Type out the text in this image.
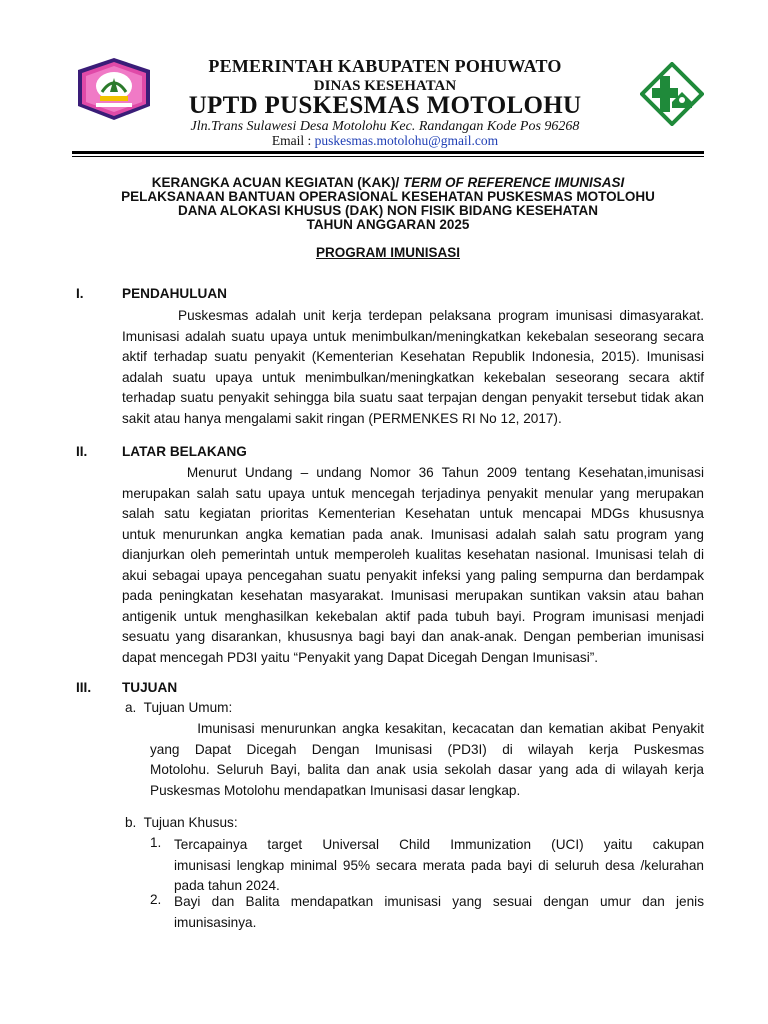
PEMERINTAH KABUPATEN POHUWATO
DINAS KESEHATAN
UPTD PUSKESMAS MOTOLOHU
Jln.Trans Sulawesi Desa Motolohu Kec. Randangan Kode Pos 96268
Email : puskesmas.motolohu@gmail.com
KERANGKA ACUAN KEGIATAN (KAK)/ TERM OF REFERENCE IMUNISASI
PELAKSANAAN BANTUAN OPERASIONAL KESEHATAN PUSKESMAS MOTOLOHU
DANA ALOKASI KHUSUS (DAK) NON FISIK BIDANG KESEHATAN
TAHUN ANGGARAN 2025
PROGRAM IMUNISASI
I.	PENDAHULUAN
Puskesmas adalah unit kerja terdepan pelaksana program imunisasi dimasyarakat.
Imunisasi adalah suatu upaya untuk menimbulkan/meningkatkan kekebalan seseorang secara
aktif terhadap suatu penyakit (Kementerian Kesehatan Republik Indonesia, 2015). Imunisasi
adalah suatu upaya untuk menimbulkan/meningkatkan kekebalan seseorang secara aktif
terhadap suatu penyakit sehingga bila suatu saat terpajan dengan penyakit tersebut tidak akan
sakit atau hanya mengalami sakit ringan (PERMENKES RI No 12, 2017).
II.	LATAR BELAKANG
Menurut Undang – undang Nomor 36 Tahun 2009 tentang Kesehatan,imunisasi
merupakan salah satu upaya untuk mencegah terjadinya penyakit menular yang merupakan
salah satu kegiatan prioritas Kementerian Kesehatan untuk mencapai MDGs khususnya
untuk menurunkan angka kematian pada anak. Imunisasi adalah salah satu program yang
dianjurkan oleh pemerintah untuk memperoleh kualitas kesehatan nasional. Imunisasi telah di
akui sebagai upaya pencegahan suatu penyakit infeksi yang paling sempurna dan berdampak
pada peningkatan kesehatan masyarakat. Imunisasi merupakan suntikan vaksin atau bahan
antigenik untuk menghasilkan kekebalan aktif pada tubuh bayi. Program imunisasi menjadi
sesuatu yang disarankan, khususnya bagi bayi dan anak-anak. Dengan pemberian imunisasi
dapat mencegah PD3I yaitu “Penyakit yang Dapat Dicegah Dengan Imunisasi”.
III. TUJUAN
a.  Tujuan Umum:
Imunisasi menurunkan angka kesakitan, kecacatan dan kematian akibat Penyakit
yang Dapat Dicegah Dengan Imunisasi (PD3I) di wilayah kerja Puskesmas
Motolohu. Seluruh Bayi, balita dan anak usia sekolah dasar yang ada di wilayah kerja
Puskesmas Motolohu mendapatkan Imunisasi dasar lengkap.
b.  Tujuan Khusus:
1. Tercapainya target Universal Child Immunization (UCI) yaitu cakupan
imunisasi lengkap minimal 95% secara merata pada bayi di seluruh desa /kelurahan
pada tahun 2024.
2. Bayi dan Balita mendapatkan imunisasi yang sesuai dengan umur dan jenis
imunisasinya.
